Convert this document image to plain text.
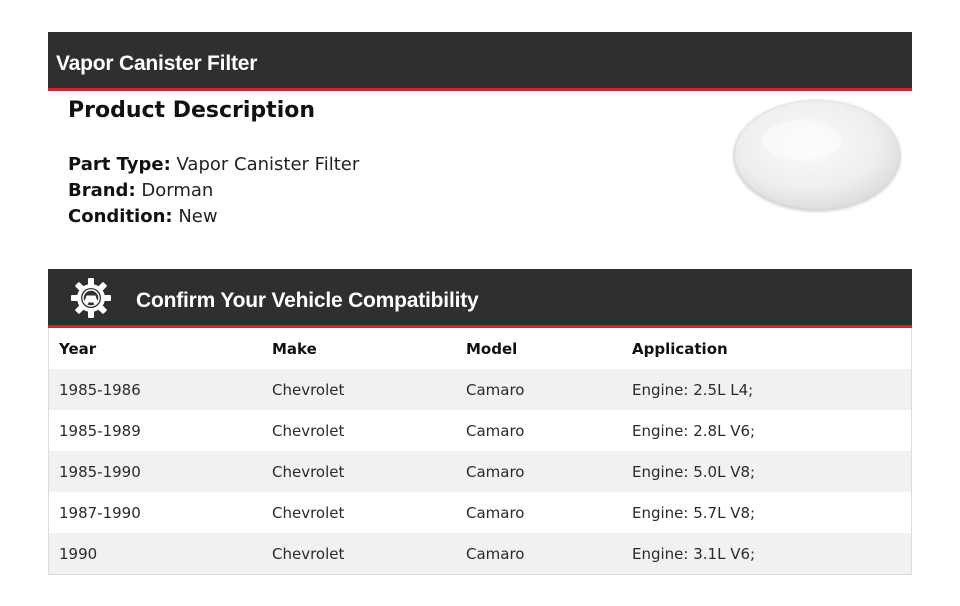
Vapor Canister Filter
Product Description
Part Type: Vapor Canister Filter
Brand: Dorman
Condition: New
Confirm Your Vehicle Compatibility
Year	Make	Model	Application
1985-1986	Chevrolet	Camaro	Engine: 2.5L L4;
1985-1989	Chevrolet	Camaro	Engine: 2.8L V6;
1985-1990	Chevrolet	Camaro	Engine: 5.0L V8;
1987-1990	Chevrolet	Camaro	Engine: 5.7L V8;
1990	Chevrolet	Camaro	Engine: 3.1L V6;
